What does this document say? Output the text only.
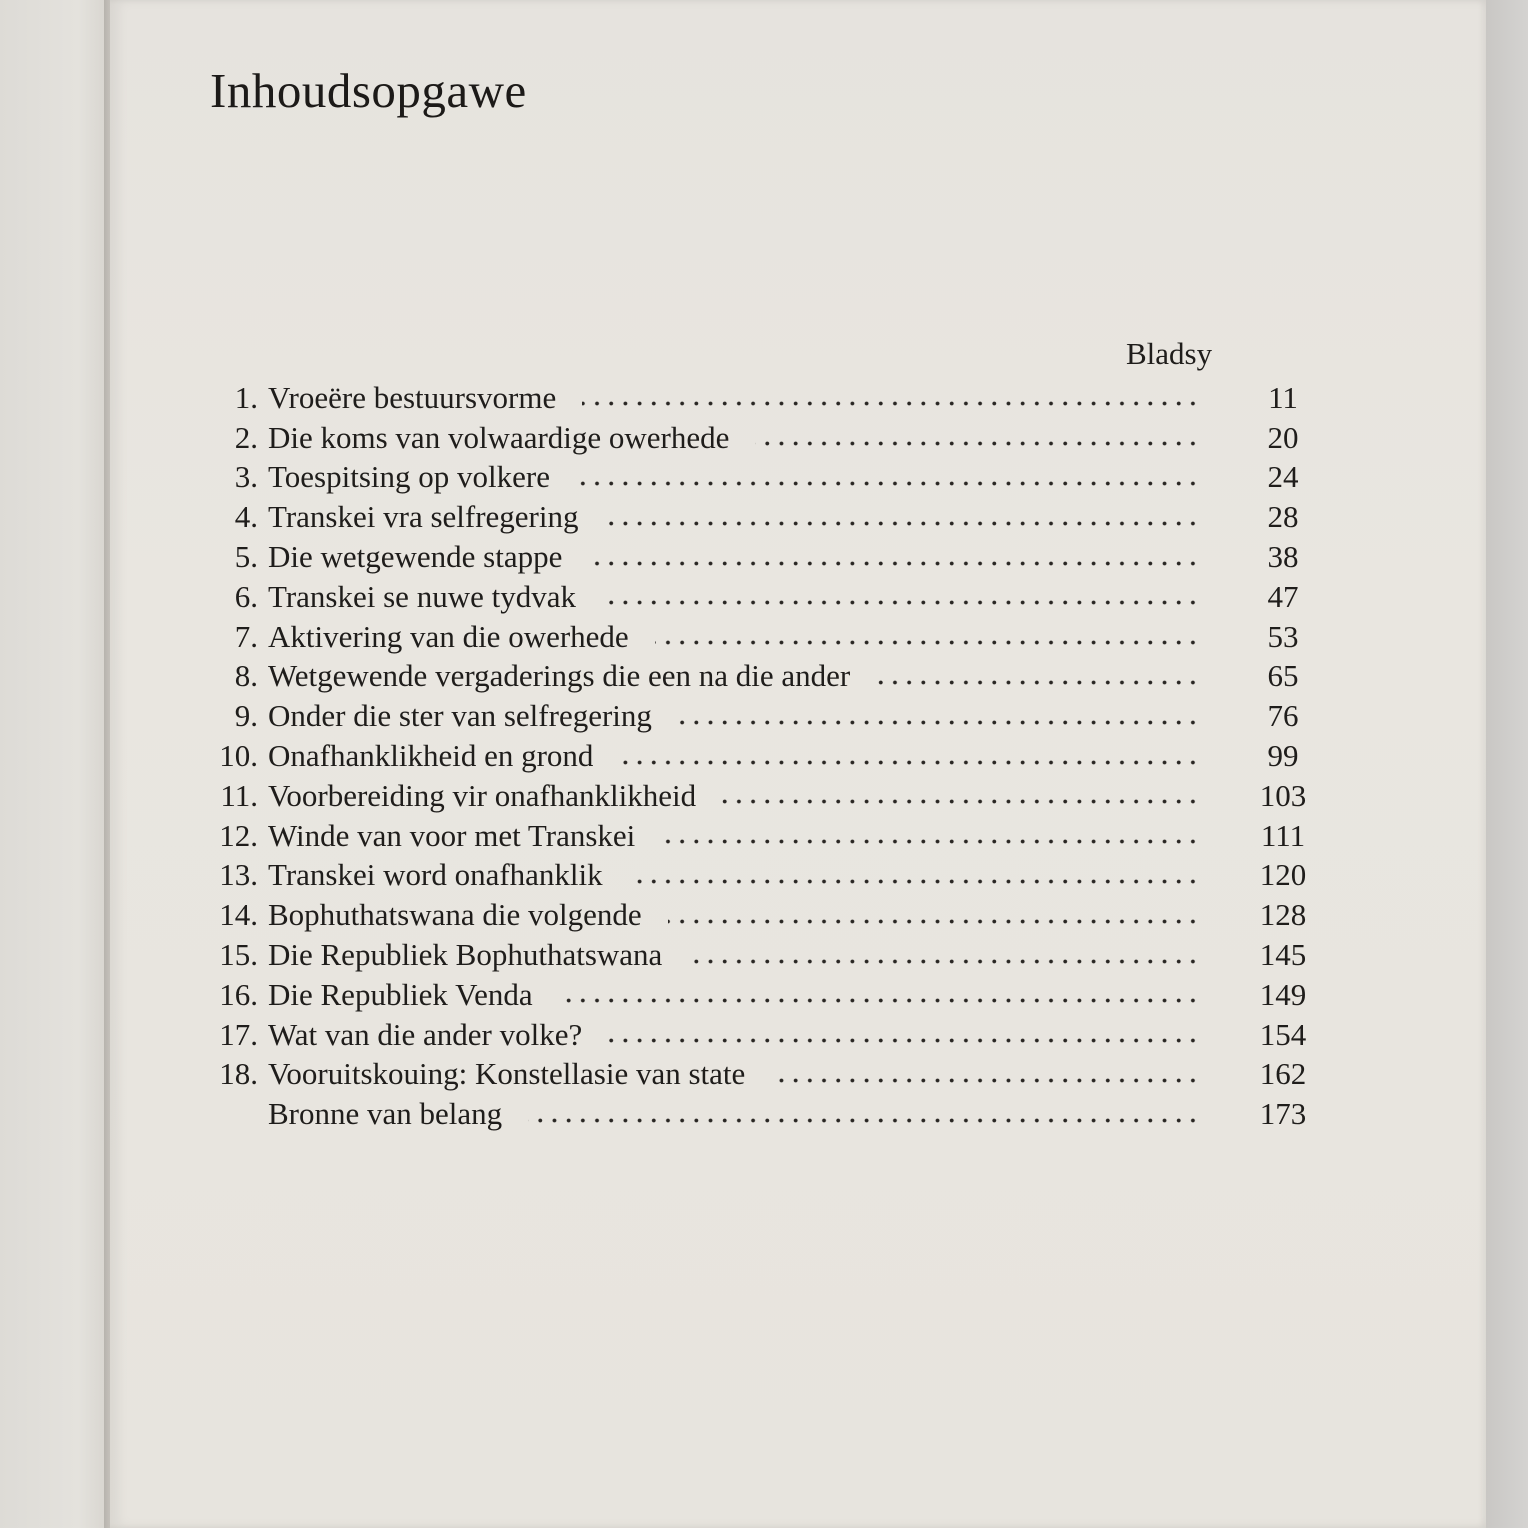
Inhoudsopgawe
Bladsy
1. Vroeëre bestuursvorme	11
2. Die koms van volwaardige owerhede	20
3. Toespitsing op volkere	24
4. Transkei vra selfregering	28
5. Die wetgewende stappe	38
6. Transkei se nuwe tydvak	47
7. Aktivering van die owerhede	53
8. Wetgewende vergaderings die een na die ander	65
9. Onder die ster van selfregering	76
10. Onafhanklikheid en grond	99
11. Voorbereiding vir onafhanklikheid	103
12. Winde van voor met Transkei	111
13. Transkei word onafhanklik	120
14. Bophuthatswana die volgende	128
15. Die Republiek Bophuthatswana	145
16. Die Republiek Venda	149
17. Wat van die ander volke?	154
18. Vooruitskouing: Konstellasie van state	162
Bronne van belang	173
